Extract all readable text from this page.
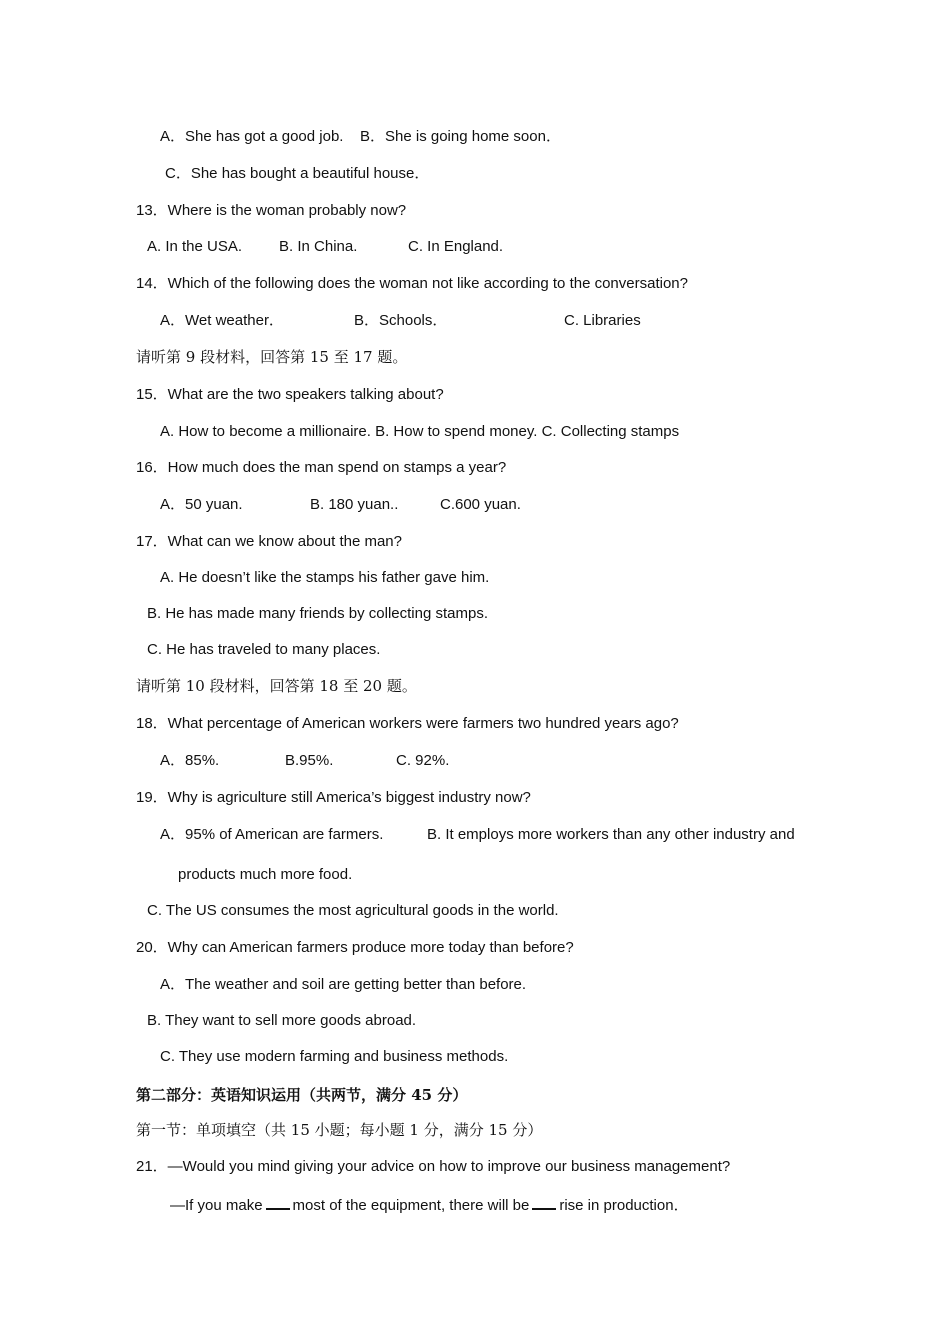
A．She has got a good job. B．She is going home soon．
C．She has bought a beautiful house．
13．Where is the woman probably now?
A. In the USA. B. In China.	C. In England.
14．Which of the following does the woman not like according to the conversation?
A．Wet weather．	B．Schools．	C. Libraries
请听第 9 段材料，回答第 15 至 17 题。
15．What are the two speakers talking about?
A. How to become a millionaire. B. How to spend money. C. Collecting stamps
16．How much does the man spend on stamps a year?
A．50 yuan.	B. 180 yuan..	C.600 yuan.
17．What can we know about the man?
A. He doesn’t like the stamps his father gave him.
B. He has made many friends by collecting stamps.
C. He has traveled to many places.
请听第 10 段材料，回答第 18 至 20 题。
18．What percentage of American workers were farmers two hundred years ago?
A．85%.	B.95%.	C. 92%.
19．Why is agriculture still America’s biggest industry now?
A．95% of American are farmers.	B. It employs more workers than any other industry and
products much more food.
C. The US consumes the most agricultural goods in the world.
20．Why can American farmers produce more today than before?
A．The weather and soil are getting better than before.
B. They want to sell more goods abroad.
C. They use modern farming and business methods.
第二部分：英语知识运用（共两节，满分 45 分）
第一节：单项填空（共 15 小题；每小题 1 分，满分 15 分）
21．—Would you mind giving your advice on how to improve our business management?
—If you make most of the equipment, there will be rise in production．
